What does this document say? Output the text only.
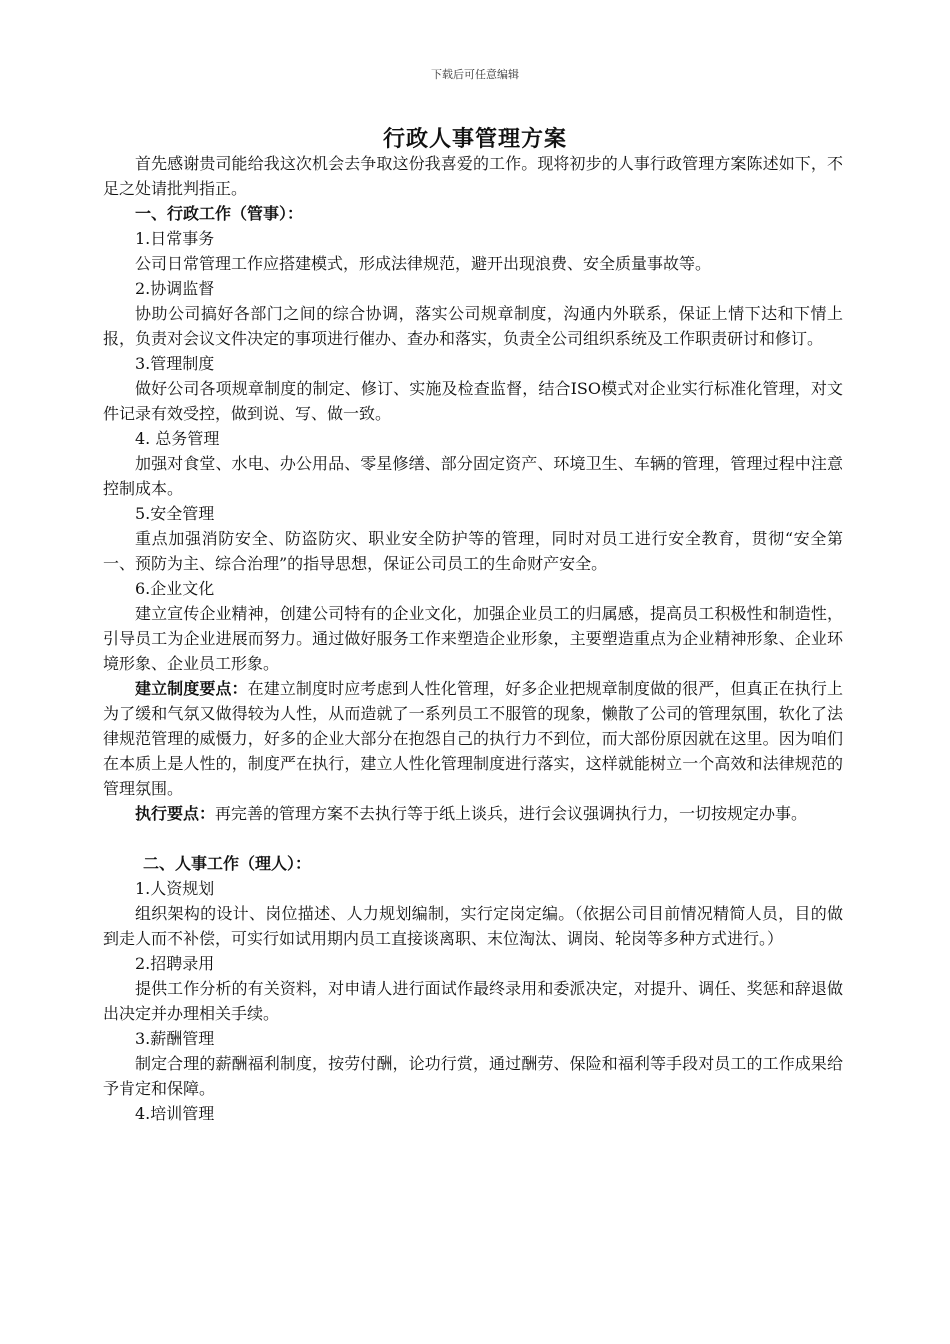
下载后可任意编辑
行政人事管理方案

首先感谢贵司能给我这次机会去争取这份我喜爱的工作。现将初步的人事行政管理方案陈述如下，不足之处请批判指正。

一、行政工作（管事）：

1.日常事务

公司日常管理工作应搭建模式，形成法律规范，避开出现浪费、安全质量事故等。

2.协调监督

协助公司搞好各部门之间的综合协调，落实公司规章制度，沟通内外联系，保证上情下达和下情上报，负责对会议文件决定的事项进行催办、查办和落实，负责全公司组织系统及工作职责研讨和修订。

3.管理制度

做好公司各项规章制度的制定、修订、实施及检查监督，结合ISO模式对企业实行标准化管理，对文件记录有效受控，做到说、写、做一致。

4. 总务管理

加强对食堂、水电、办公用品、零星修缮、部分固定资产、环境卫生、车辆的管理，管理过程中注意控制成本。

5.安全管理

重点加强消防安全、防盗防灾、职业安全防护等的管理，同时对员工进行安全教育，贯彻“安全第一、预防为主、综合治理”的指导思想，保证公司员工的生命财产安全。

6.企业文化

建立宣传企业精神，创建公司特有的企业文化，加强企业员工的归属感，提高员工积极性和制造性，引导员工为企业进展而努力。通过做好服务工作来塑造企业形象，主要塑造重点为企业精神形象、企业环境形象、企业员工形象。

建立制度要点：在建立制度时应考虑到人性化管理，好多企业把规章制度做的很严，但真正在执行上为了缓和气氛又做得较为人性，从而造就了一系列员工不服管的现象，懒散了公司的管理氛围，软化了法律规范管理的威慑力，好多的企业大部分在抱怨自己的执行力不到位，而大部份原因就在这里。因为咱们在本质上是人性的，制度严在执行，建立人性化管理制度进行落实，这样就能树立一个高效和法律规范的管理氛围。

执行要点：再完善的管理方案不去执行等于纸上谈兵，进行会议强调执行力，一切按规定办事。

二、人事工作（理人）：

1.人资规划

组织架构的设计、岗位描述、人力规划编制，实行定岗定编。（依据公司目前情况精简人员，目的做到走人而不补偿，可实行如试用期内员工直接谈离职、末位淘汰、调岗、轮岗等多种方式进行。）

2.招聘录用

提供工作分析的有关资料，对申请人进行面试作最终录用和委派决定，对提升、调任、奖惩和辞退做出决定并办理相关手续。

3.薪酬管理

制定合理的薪酬福利制度，按劳付酬，论功行赏，通过酬劳、保险和福利等手段对员工的工作成果给予肯定和保障。

4.培训管理
